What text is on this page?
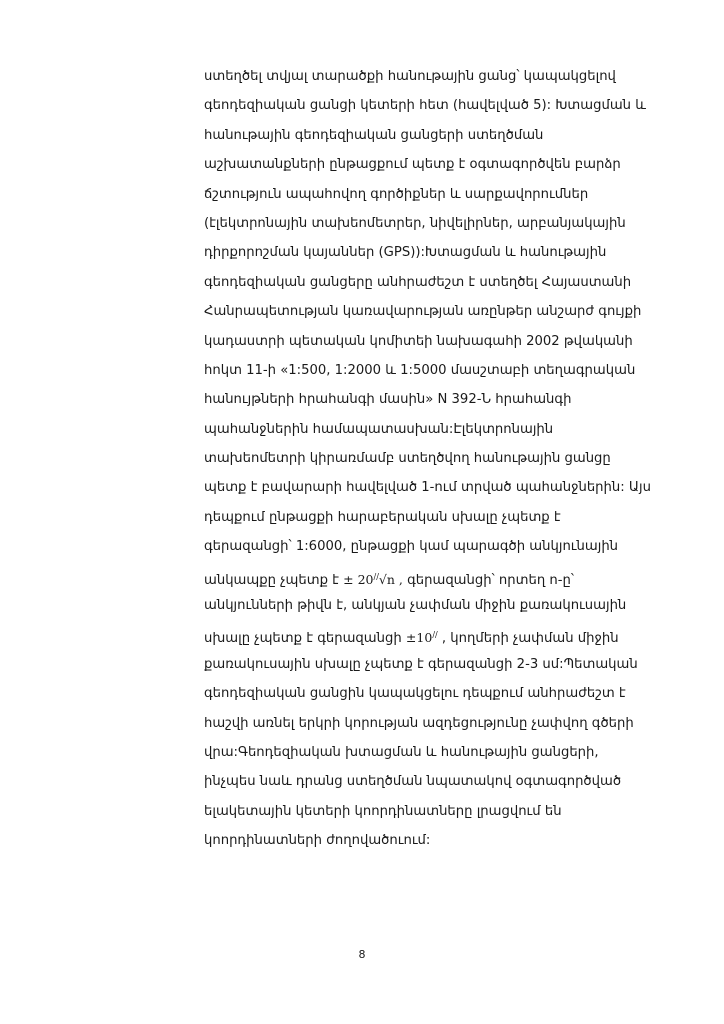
ստեղծել տվյալ տարածքի հանութային ցանց՝ կապակցելով
գեոդեզիական ցանցի կետերի հետ (հավելված 5): Խտացման և
հանութային գեոդեզիական ցանցերի ստեղծման
աշխատանքների ընթացքում պետք է օգտագործվեն բարձր
ճշտություն ապահովող գործիքներ և սարքավորումներ
(էլեկտրոնային տախեոմետրեր, նիվելիրներ, արբանյակային
դիրքորոշման կայաններ (GPS)):Խտացման և հանութային
գեոդեզիական ցանցերը անհրաժեշտ է ստեղծել Հայաստանի
Հանրապետության կառավարության առընթեր անշարժ գույքի
կադաստրի պետական կոմիտեի նախագահի 2002 թվականի
հոկտ 11-ի «1:500, 1:2000 և 1:5000 մասշտաբի տեղագրական
հանույթների հրահանգի մասին» N 392-Ն հրահանգի
պահանջներին համապատասխան:Էլեկտրոնային
տախեոմետրի կիրառմամբ ստեղծվող հանութային ցանցը
պետք է բավարարի հավելված 1-ում տրված պահանջներին: Այս
դեպքում ընթացքի հարաբերական սխալը չպետք է
գերազանցի՝ 1:6000, ընթացքի կամ պարագծի անկյունային
անկապքը չպետք է ± 20//√n , գերազանցի՝ որտեղ n-ը՝
անկյունների թիվն է, անկյան չափման միջին քառակուսային
սխալը չպետք է գերազանցի ±10// , կողմերի չափման միջին
քառակուսային սխալը չպետք է գերազանցի 2-3 սմ:Պետական
գեոդեզիական ցանցին կապակցելու դեպքում անհրաժեշտ է
հաշվի առնել երկրի կորության ազդեցությունը չափվող գծերի
վրա:Գեոդեզիական խտացման և հանութային ցանցերի,
ինչպես նաև դրանց ստեղծման նպատակով օգտագործված
ելակետային կետերի կոորդինատները լրացվում են
կոորդինատների ժողովածուում:
8
